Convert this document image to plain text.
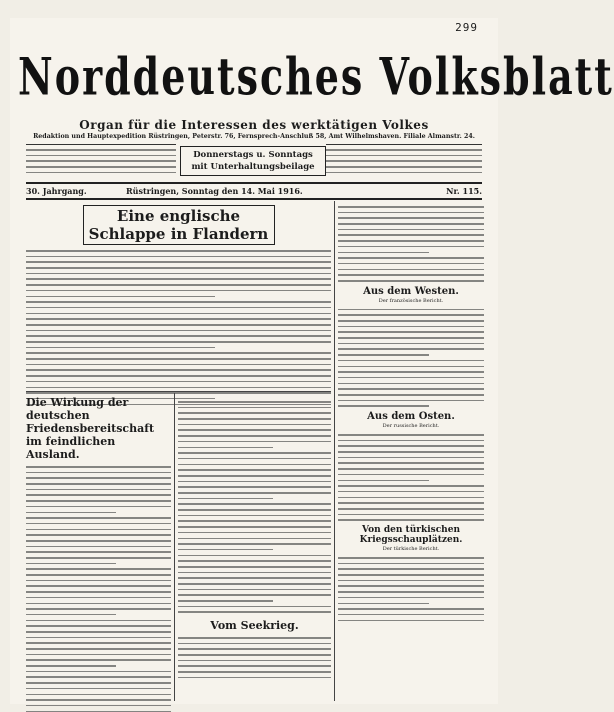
299
Norddeutsches Volksblatt
Organ für die Interessen des werktätigen Volkes
Redaktion und Hauptexpedition Rüstringen, Peterstr. 76, Fernsprech-Anschluß 58, Amt Wilhelmshaven. Filiale Almanstr. 24.
Donnerstags u. Sonntags
mit Unterhaltungsbeilage
30. Jahrgang.	Rüstringen, Sonntag den 14. Mai 1916.	Nr. 115.
Eine englische Schlappe in Flandern
Die Wirkung der deutschen Friedensbereitschaft im feindlichen Ausland.
Vom Seekrieg.
Aus dem Westen.
Der französische Bericht.
Aus dem Osten.
Der russische Bericht.
Von den türkischen Kriegsschauplätzen.
Der türkische Bericht.
